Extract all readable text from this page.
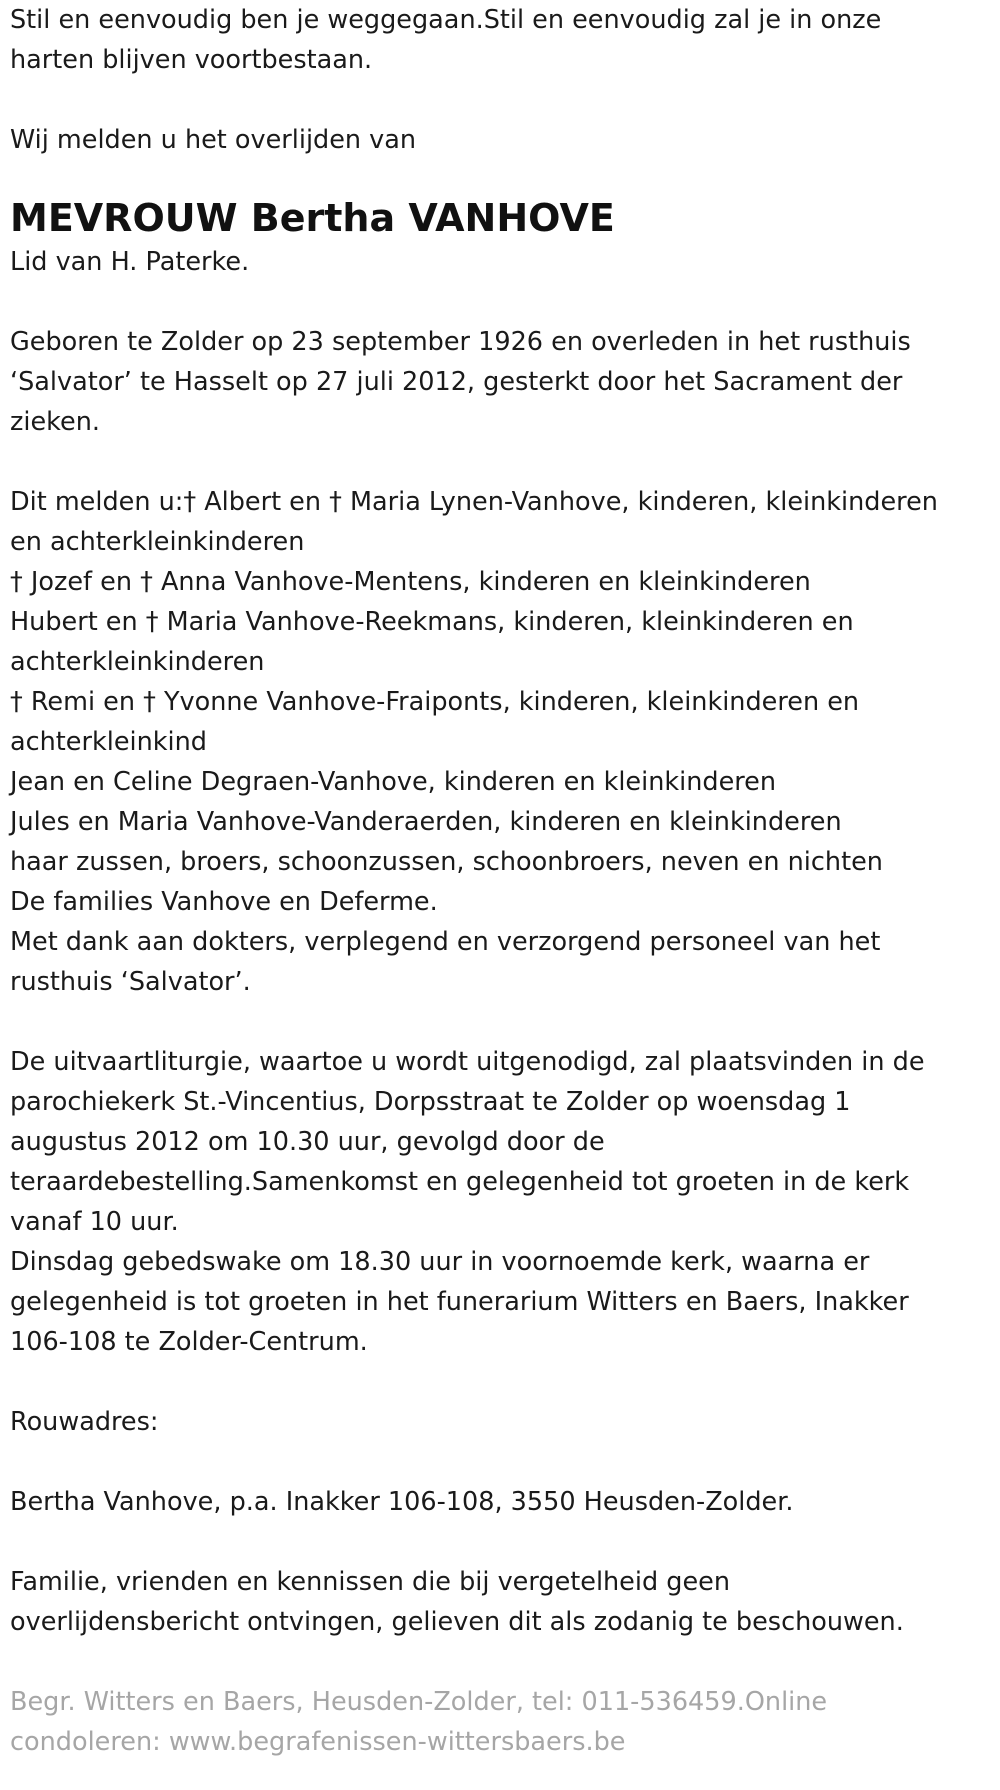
Stil en eenvoudig ben je weggegaan.Stil en eenvoudig zal je in onze
harten blijven voortbestaan.
Wij melden u het overlijden van
MEVROUW Bertha VANHOVE
Lid van H. Paterke.
Geboren te Zolder op 23 september 1926 en overleden in het rusthuis
‘Salvator’ te Hasselt op 27 juli 2012, gesterkt door het Sacrament der
zieken.
Dit melden u:† Albert en † Maria Lynen-Vanhove, kinderen, kleinkinderen
en achterkleinkinderen
† Jozef en † Anna Vanhove-Mentens, kinderen en kleinkinderen
Hubert en † Maria Vanhove-Reekmans, kinderen, kleinkinderen en
achterkleinkinderen
† Remi en † Yvonne Vanhove-Fraiponts, kinderen, kleinkinderen en
achterkleinkind
Jean en Celine Degraen-Vanhove, kinderen en kleinkinderen
Jules en Maria Vanhove-Vanderaerden, kinderen en kleinkinderen
haar zussen, broers, schoonzussen, schoonbroers, neven en nichten
De families Vanhove en Deferme.
Met dank aan dokters, verplegend en verzorgend personeel van het
rusthuis ‘Salvator’.
De uitvaartliturgie, waartoe u wordt uitgenodigd, zal plaatsvinden in de
parochiekerk St.-Vincentius, Dorpsstraat te Zolder op woensdag 1
augustus 2012 om 10.30 uur, gevolgd door de
teraardebestelling.Samenkomst en gelegenheid tot groeten in de kerk
vanaf 10 uur.
Dinsdag gebedswake om 18.30 uur in voornoemde kerk, waarna er
gelegenheid is tot groeten in het funerarium Witters en Baers, Inakker
106-108 te Zolder-Centrum.
Rouwadres:
Bertha Vanhove, p.a. Inakker 106-108, 3550 Heusden-Zolder.
Familie, vrienden en kennissen die bij vergetelheid geen
overlijdensbericht ontvingen, gelieven dit als zodanig te beschouwen.
Begr. Witters en Baers, Heusden-Zolder, tel: 011-536459.Online
condoleren: www.begrafenissen-wittersbaers.be
